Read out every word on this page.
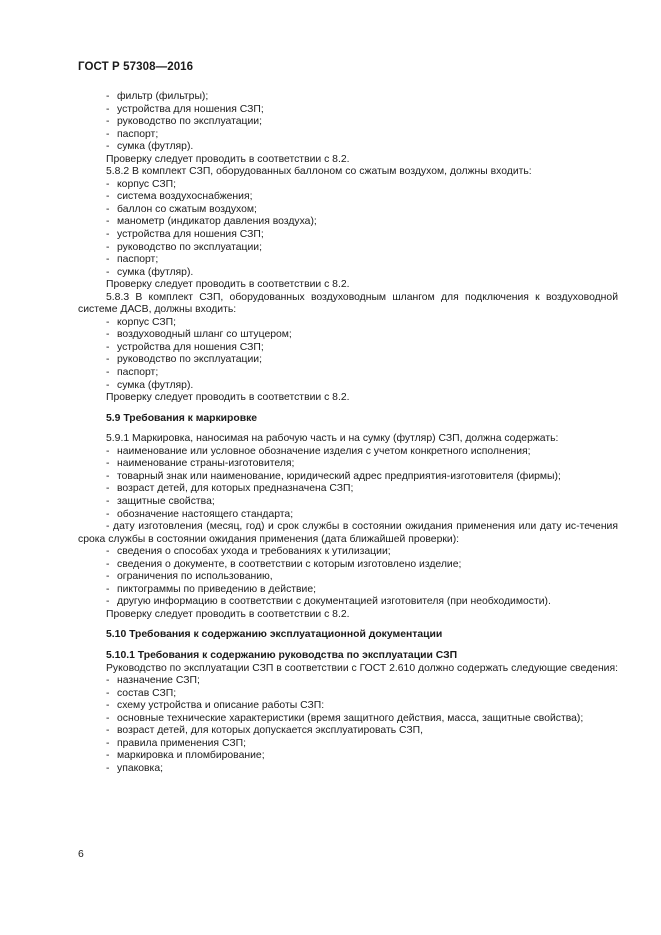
ГОСТ Р 57308—2016
- фильтр (фильтры);
- устройства для ношения СЗП;
- руководство по эксплуатации;
- паспорт;
- сумка (футляр).
Проверку следует проводить в соответствии с 8.2.
5.8.2 В комплект СЗП, оборудованных баллоном со сжатым воздухом, должны входить:
- корпус СЗП;
- система воздухоснабжения;
- баллон со сжатым воздухом;
- манометр (индикатор давления воздуха);
- устройства для ношения СЗП;
- руководство по эксплуатации;
- паспорт;
- сумка (футляр).
Проверку следует проводить в соответствии с 8.2.
5.8.3 В комплект СЗП, оборудованных воздуховодным шлангом для подключения к воздуховодной системе ДАСВ, должны входить:
- корпус СЗП;
- воздуховодный шланг со штуцером;
- устройства для ношения СЗП;
- руководство по эксплуатации;
- паспорт;
- сумка (футляр).
Проверку следует проводить в соответствии с 8.2.
5.9 Требования к маркировке
5.9.1 Маркировка, наносимая на рабочую часть и на сумку (футляр) СЗП, должна содержать:
- наименование или условное обозначение изделия с учетом конкретного исполнения;
- наименование страны-изготовителя;
- товарный знак или наименование, юридический адрес предприятия-изготовителя (фирмы);
- возраст детей, для которых предназначена СЗП;
- защитные свойства;
- обозначение настоящего стандарта;
- дату изготовления (месяц, год) и срок службы в состоянии ожидания применения или дату ис-течения срока службы в состоянии ожидания применения (дата ближайшей проверки):
- сведения о способах ухода и требованиях к утилизации;
- сведения о документе, в соответствии с которым изготовлено изделие;
- ограничения по использованию,
- пиктограммы по приведению в действие;
- другую информацию в соответствии с документацией изготовителя (при необходимости).
Проверку следует проводить в соответствии с 8.2.
5.10 Требования к содержанию эксплуатационной документации
5.10.1 Требования к содержанию руководства по эксплуатации СЗП
Руководство по эксплуатации СЗП в соответствии с ГОСТ 2.610 должно содержать следующие сведения:
- назначение СЗП;
- состав СЗП;
- схему устройства и описание работы СЗП:
- основные технические характеристики (время защитного действия, масса, защитные свойства);
- возраст детей, для которых допускается эксплуатировать СЗП,
- правила применения СЗП;
- маркировка и пломбирование;
- упаковка;
6
